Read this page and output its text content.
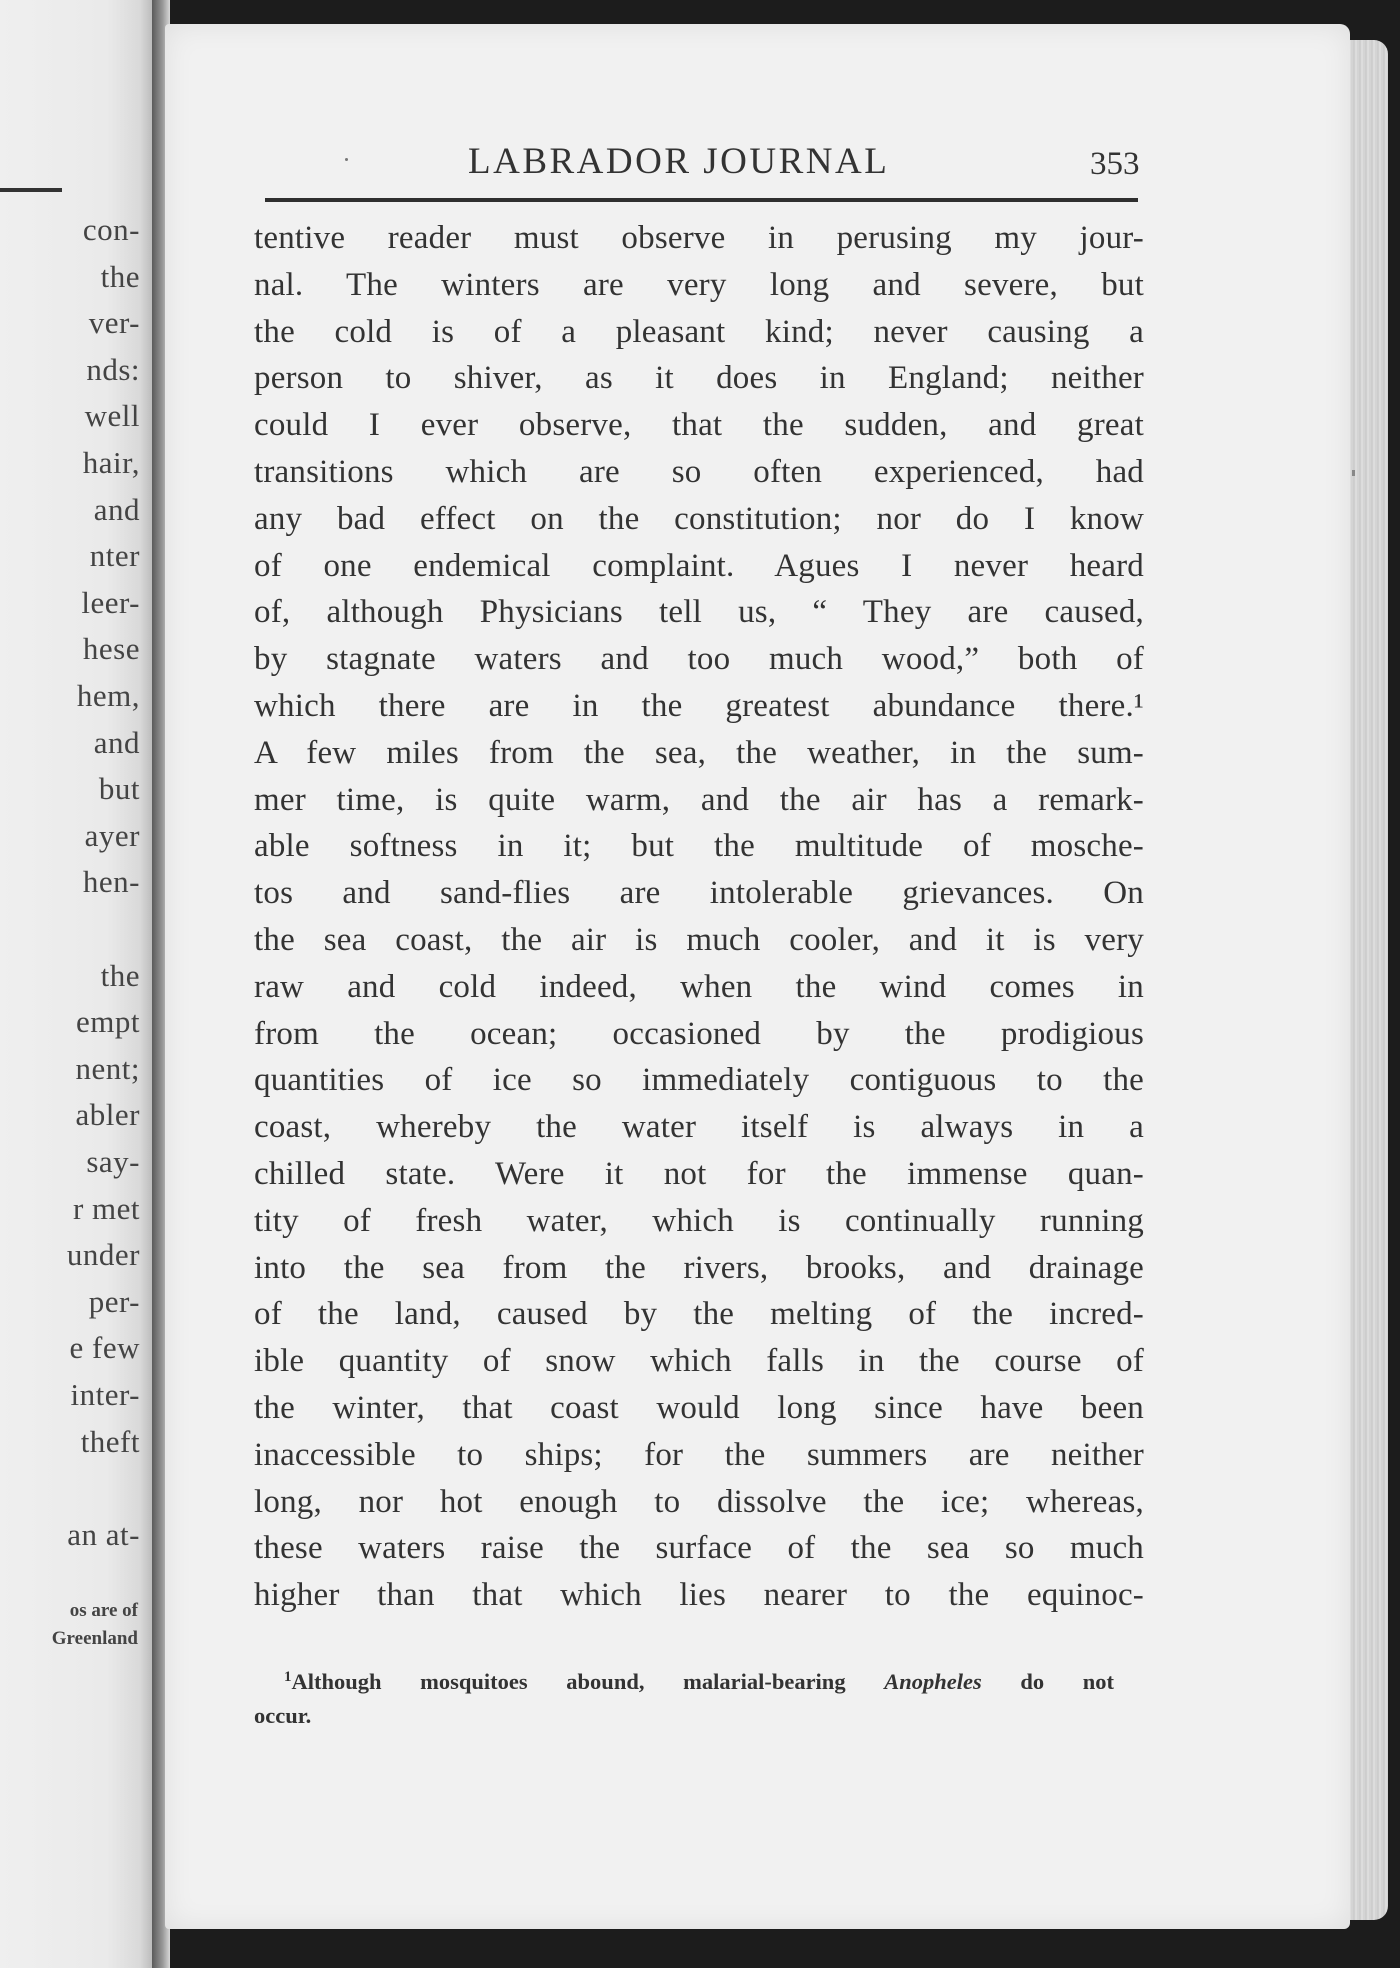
con-

the

ver-

nds:

well

hair,

and

nter

leer-

hese

hem,

and

but

ayer

hen-

the

empt

nent;

abler

say-

r met

under

per-

e few

inter-

theft

an at-

os are of

Greenland

LABRADOR JOURNAL	353

tentive reader must observe in perusing my jour-
nal. The winters are very long and severe, but
the cold is of a pleasant kind; never causing a
person to shiver, as it does in England; neither
could I ever observe, that the sudden, and great
transitions which are so often experienced, had
any bad effect on the constitution; nor do I know
of one endemical complaint. Agues I never heard
of, although Physicians tell us, “ They are caused,
by stagnate waters and too much wood,” both of
which there are in the greatest abundance there.¹
A few miles from the sea, the weather, in the sum-
mer time, is quite warm, and the air has a remark-
able softness in it; but the multitude of mosche-
tos and sand-flies are intolerable grievances. On
the sea coast, the air is much cooler, and it is very
raw and cold indeed, when the wind comes in
from the ocean; occasioned by the prodigious
quantities of ice so immediately contiguous to the
coast, whereby the water itself is always in a
chilled state. Were it not for the immense quan-
tity of fresh water, which is continually running
into the sea from the rivers, brooks, and drainage
of the land, caused by the melting of the incred-
ible quantity of snow which falls in the course of
the winter, that coast would long since have been
inaccessible to ships; for the summers are neither
long, nor hot enough to dissolve the ice; whereas,
these waters raise the surface of the sea so much
higher than that which lies nearer to the equinoc-
$^1$Although mosquitoes abound, malarial-bearing Anopheles do not
occur.
